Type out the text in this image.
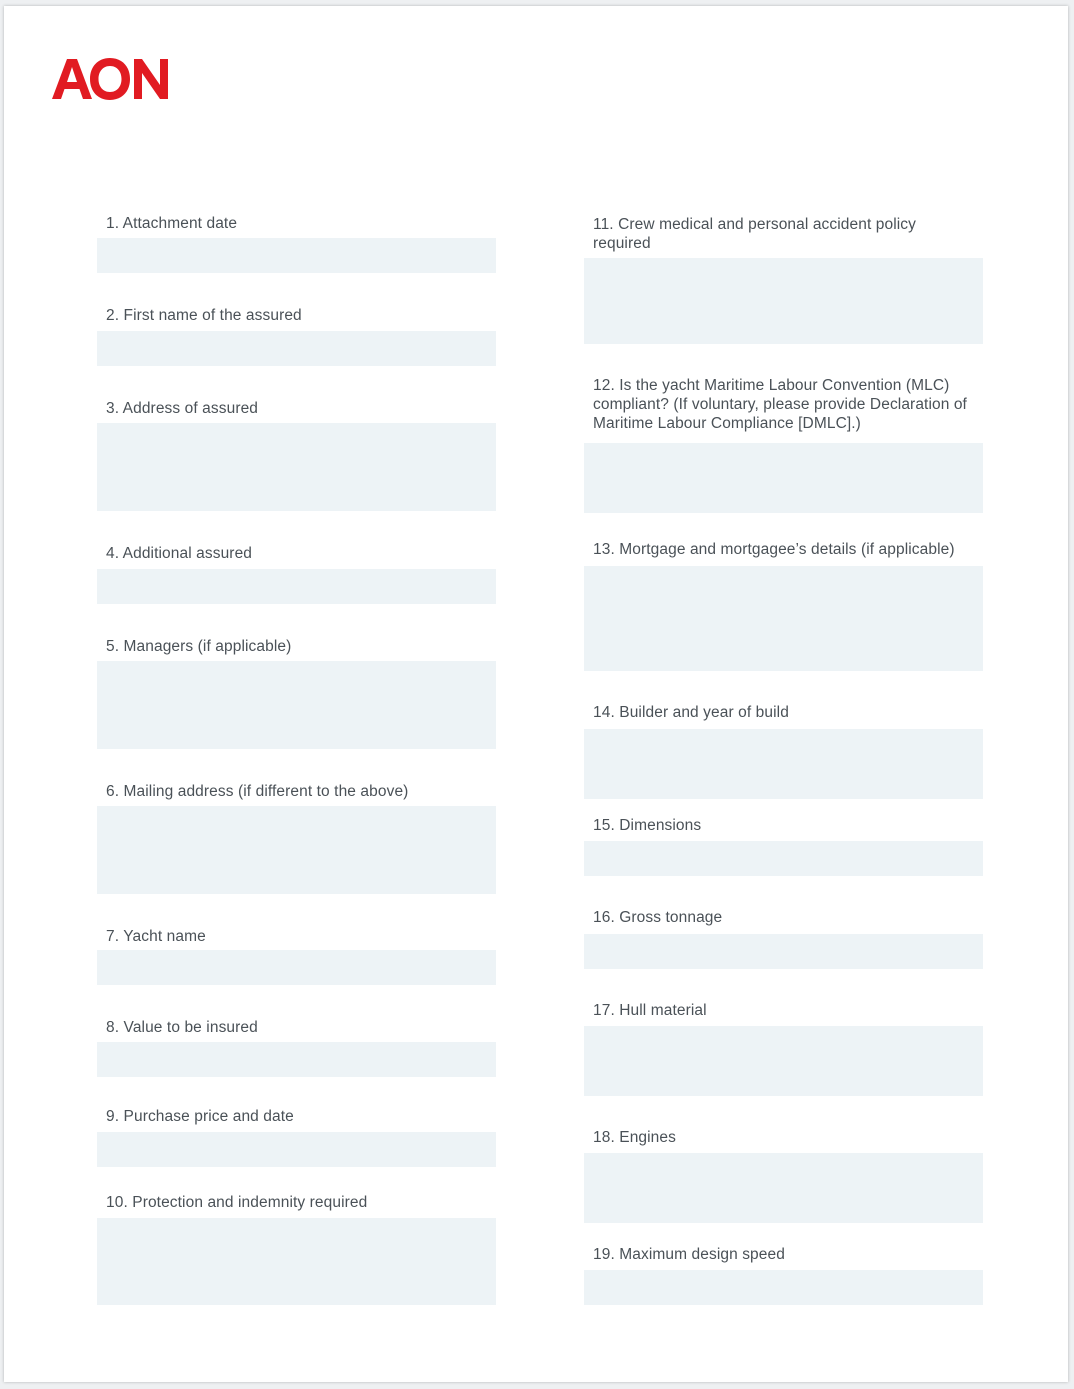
1. Attachment date

2. First name of the assured

3. Address of assured

4. Additional assured

5. Managers (if applicable)

6. Mailing address (if different to the above)

7. Yacht name

8. Value to be insured

9. Purchase price and date

10. Protection and indemnity required

11. Crew medical and personal accident policy required

12. Is the yacht Maritime Labour Convention (MLC) compliant? (If voluntary, please provide Declaration of Maritime Labour Compliance [DMLC].)

13. Mortgage and mortgagee’s details (if applicable)

14. Builder and year of build

15. Dimensions

16. Gross tonnage

17. Hull material

18. Engines

19. Maximum design speed
